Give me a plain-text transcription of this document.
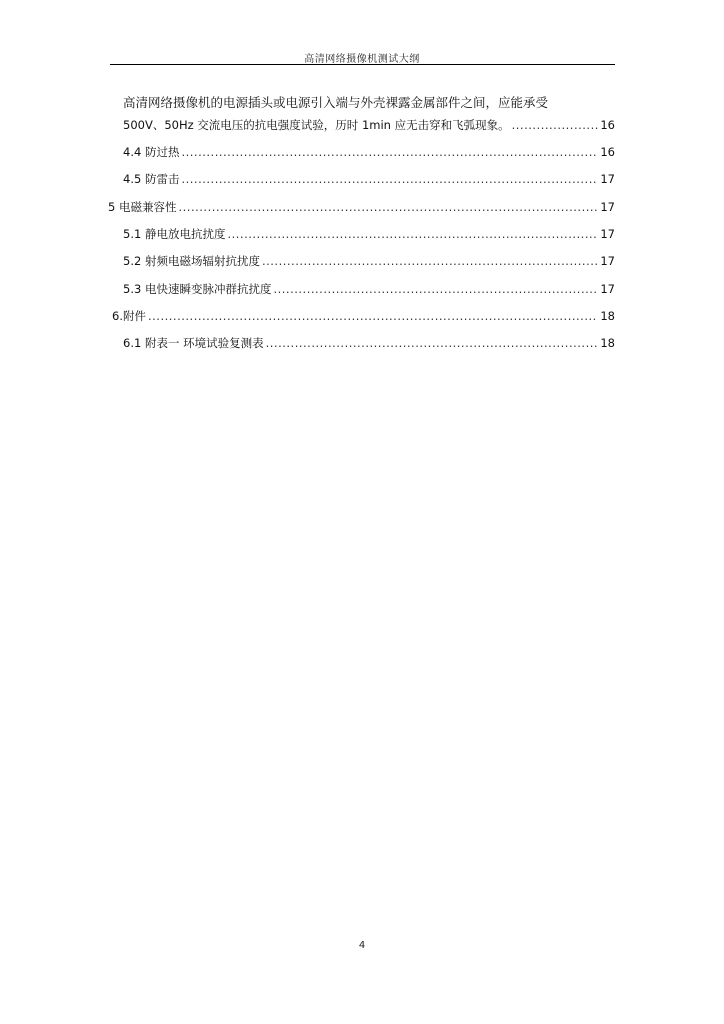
高清网络摄像机测试大纲
高清网络摄像机的电源插头或电源引入端与外壳裸露金属部件之间，应能承受
500V、50Hz 交流电压的抗电强度试验，历时 1min 应无击穿和飞弧现象。 .....	16
4.4 防过热 .....	16
4.5 防雷击 .....	17
5 电磁兼容性 .....	17
5.1 静电放电抗扰度 .....	17
5.2 射频电磁场辐射抗扰度 .....	17
5.3 电快速瞬变脉冲群抗扰度 .....	17
6.附件 .....	18
6.1 附表一 环境试验复测表 .....	18
4
